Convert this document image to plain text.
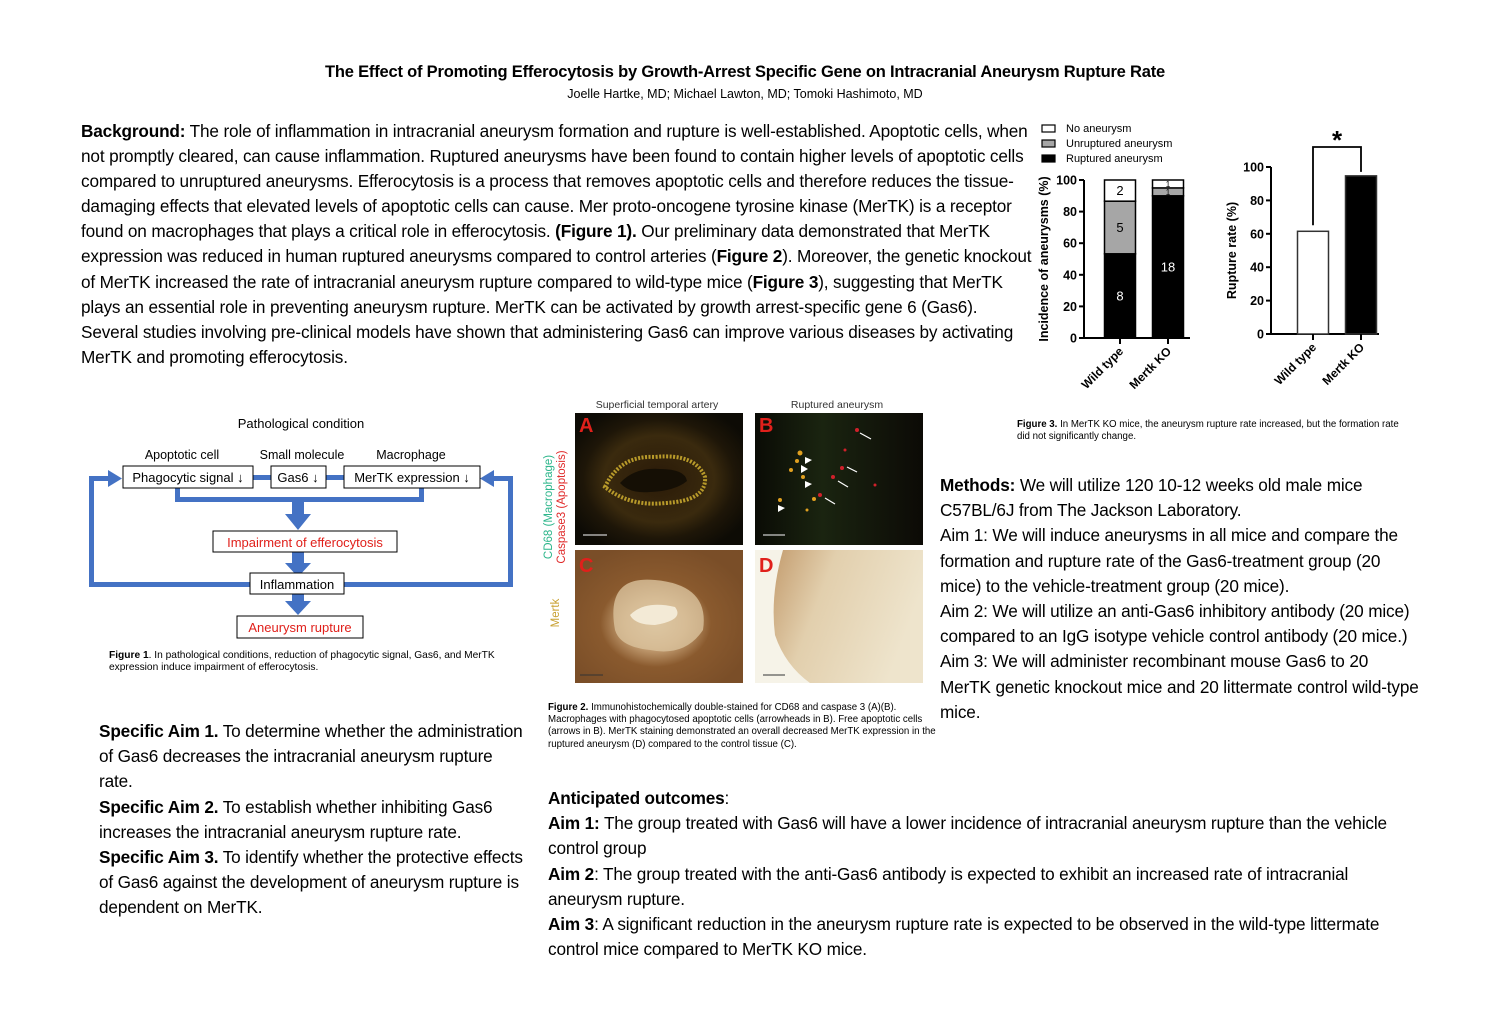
The Effect of Promoting Efferocytosis by Growth-Arrest Specific Gene on Intracranial Aneurysm Rupture Rate
Joelle Hartke, MD; Michael Lawton, MD; Tomoki Hashimoto, MD
Background: The role of inflammation in intracranial aneurysm formation and rupture is well-established. Apoptotic cells, when not promptly cleared, can cause inflammation. Ruptured aneurysms have been found to contain higher levels of apoptotic cells compared to unruptured aneurysms. Efferocytosis is a process that removes apoptotic cells and therefore reduces the tissue-damaging effects that elevated levels of apoptotic cells can cause. Mer proto-oncogene tyrosine kinase (MerTK) is a receptor found on macrophages that plays a critical role in efferocytosis. (Figure 1). Our preliminary data demonstrated that MerTK expression was reduced in human ruptured aneurysms compared to control arteries (Figure 2). Moreover, the genetic knockout of MerTK increased the rate of intracranial aneurysm rupture compared to wild-type mice (Figure 3), suggesting that MerTK plays an essential role in preventing aneurysm rupture. MerTK can be activated by growth arrest-specific gene 6 (Gas6). Several studies involving pre-clinical models have shown that administering Gas6 can improve various diseases by activating MerTK and promoting efferocytosis.
Pathological condition
Apoptotic cell	Small molecule	Macrophage
Phagocytic signal ↓	Gas6 ↓	MerTK expression ↓
Impairment of efferocytosis
Inflammation
Aneurysm rupture
Figure 1. In pathological conditions, reduction of phagocytic signal, Gas6, and MerTK expression induce impairment of efferocytosis.
Superficial temporal artery	Ruptured aneurysm
CD68 (Macrophage) Caspase3 (Apoptosis)
Mertk
A	B
C	D
Figure 2. Immunohistochemically double-stained for CD68 and caspase 3 (A)(B). Macrophages with phagocytosed apoptotic cells (arrowheads in B). Free apoptotic cells (arrows in B). MerTK staining demonstrated an overall decreased MerTK expression in the ruptured aneurysm (D) compared to the control tissue (C).
No aneurysm
Unruptured aneurysm
Ruptured aneurysm
0
20
40
60
80
100
Incidence of aneurysms (%)	8
5
2
Wild type
18
1
1
Mertk KO
0
20
40
60
80
100
Rupture rate (%)
Wild type Mertk KO
*
Figure 3. In MerTK KO mice, the aneurysm rupture rate increased, but the formation rate did not significantly change.

Methods: We will utilize 120 10-12 weeks old male mice C57BL/6J from The Jackson Laboratory.

Aim 1: We will induce aneurysms in all mice and compare the formation and rupture rate of the Gas6-treatment group (20 mice) to the vehicle-treatment group (20 mice).

Aim 2: We will utilize an anti-Gas6 inhibitory antibody (20 mice) compared to an IgG isotype vehicle control antibody (20 mice.)

Aim 3: We will administer recombinant mouse Gas6 to 20 MerTK genetic knockout mice and 20 littermate control wild-type mice.

Specific Aim 1. To determine whether the administration of Gas6 decreases the intracranial aneurysm rupture rate.

Specific Aim 2. To establish whether inhibiting Gas6 increases the intracranial aneurysm rupture rate.

Specific Aim 3. To identify whether the protective effects of Gas6 against the development of aneurysm rupture is dependent on MerTK.

Anticipated outcomes:

Aim 1: The group treated with Gas6 will have a lower incidence of intracranial aneurysm rupture than the vehicle control group

Aim 2: The group treated with the anti-Gas6 antibody is expected to exhibit an increased rate of intracranial aneurysm rupture.

Aim 3: A significant reduction in the aneurysm rupture rate is expected to be observed in the wild-type littermate control mice compared to MerTK KO mice.
